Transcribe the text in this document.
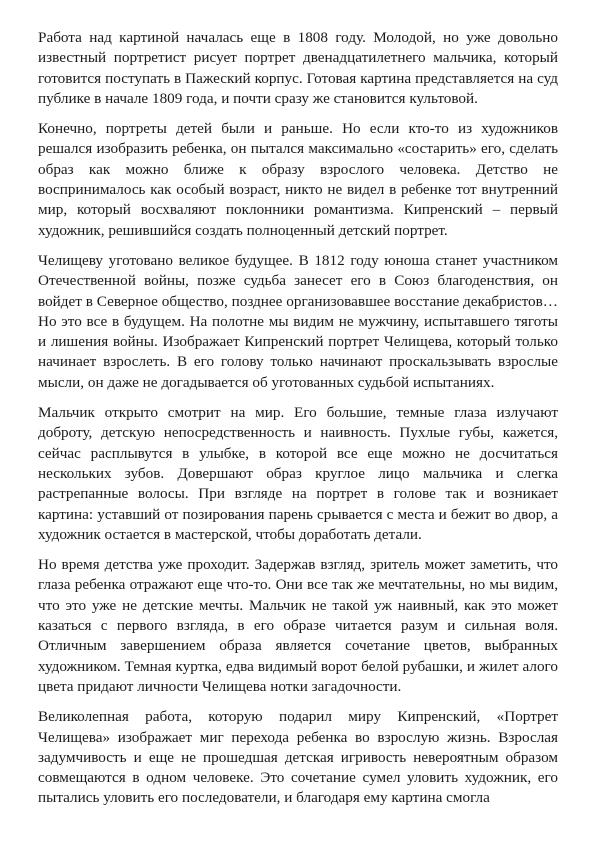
Работа над картиной началась еще в 1808 году. Молодой, но уже довольно известный портретист рисует портрет двенадцатилетнего мальчика, который готовится поступать в Пажеский корпус. Готовая картина представляется на суд публике в начале 1809 года, и почти сразу же становится культовой.

Конечно, портреты детей были и раньше. Но если кто-то из художников решался изобразить ребенка, он пытался максимально «состарить» его, сделать образ как можно ближе к образу взрослого человека. Детство не воспринималось как особый возраст, никто не видел в ребенке тот внутренний мир, который восхваляют поклонники романтизма. Кипренский – первый художник, решившийся создать полноценный детский портрет.

Челищеву уготовано великое будущее. В 1812 году юноша станет участником Отечественной войны, позже судьба занесет его в Союз благоденствия, он войдет в Северное общество, позднее организовавшее восстание декабристов… Но это все в будущем. На полотне мы видим не мужчину, испытавшего тяготы и лишения войны. Изображает Кипренский портрет Челищева, который только начинает взрослеть. В его голову только начинают проскальзывать взрослые мысли, он даже не догадывается об уготованных судьбой испытаниях.

Мальчик открыто смотрит на мир. Его большие, темные глаза излучают доброту, детскую непосредственность и наивность. Пухлые губы, кажется, сейчас расплывутся в улыбке, в которой все еще можно не досчитаться нескольких зубов. Довершают образ круглое лицо мальчика и слегка растрепанные волосы. При взгляде на портрет в голове так и возникает картина: уставший от позирования парень срывается с места и бежит во двор, а художник остается в мастерской, чтобы доработать детали.

Но время детства уже проходит. Задержав взгляд, зритель может заметить, что глаза ребенка отражают еще что-то. Они все так же мечтательны, но мы видим, что это уже не детские мечты. Мальчик не такой уж наивный, как это может казаться с первого взгляда, в его образе читается разум и сильная воля. Отличным завершением образа является сочетание цветов, выбранных художником. Темная куртка, едва видимый ворот белой рубашки, и жилет алого цвета придают личности Челищева нотки загадочности.

Великолепная работа, которую подарил миру Кипренский, «Портрет Челищева» изображает миг перехода ребенка во взрослую жизнь. Взрослая задумчивость и еще не прошедшая детская игривость невероятным образом совмещаются в одном человеке. Это сочетание сумел уловить художник, его пытались уловить его последователи, и благодаря ему картина смогла
